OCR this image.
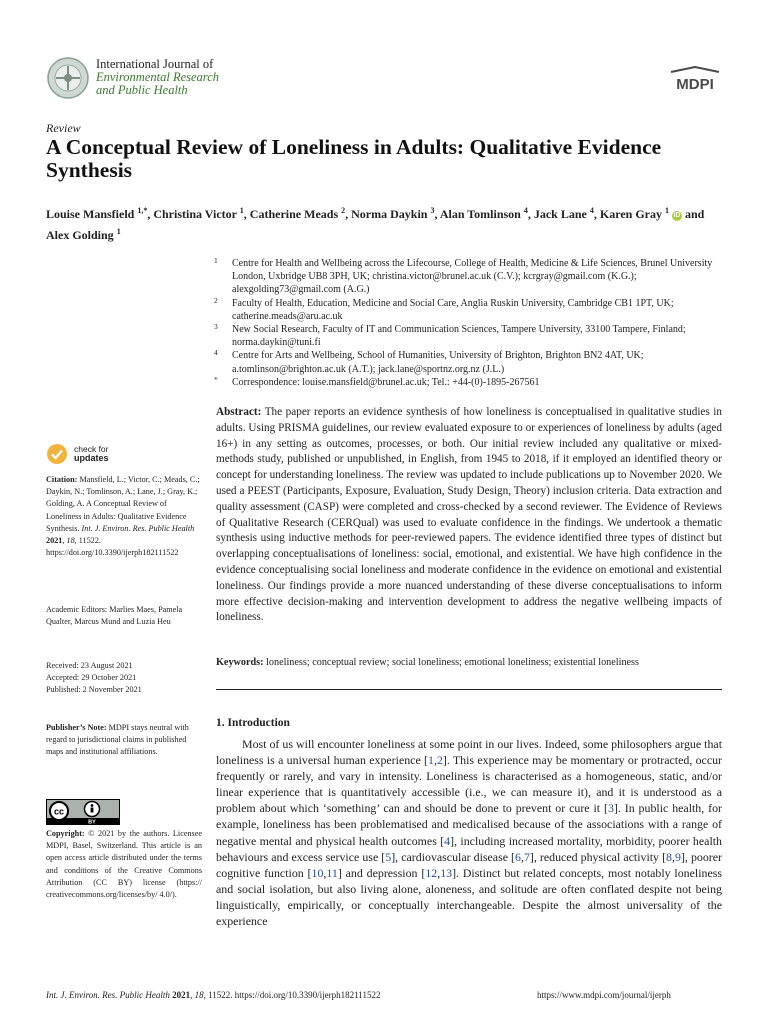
International Journal of
Environmental Research
and Public Health	MDPI
Review
A Conceptual Review of Loneliness in Adults: Qualitative Evidence Synthesis
Louise Mansfield $^{1,*}$, Christina Victor $^1$, Catherine Meads $^2$, Norma Daykin $^3$, Alan Tomlinson $^4$, Jack Lane $^4$, Karen Gray $^1$ iD and Alex Golding $^1$
1 Centre for Health and Wellbeing across the Lifecourse, College of Health, Medicine & Life Sciences, Brunel University London, Uxbridge UB8 3PH, UK; christina.victor@brunel.ac.uk (C.V.); kcrgray@gmail.com (K.G.); alexgolding73@gmail.com (A.G.)
2 Faculty of Health, Education, Medicine and Social Care, Anglia Ruskin University, Cambridge CB1 1PT, UK; catherine.meads@aru.ac.uk
3 New Social Research, Faculty of IT and Communication Sciences, Tampere University, 33100 Tampere, Finland; norma.daykin@tuni.fi
4 Centre for Arts and Wellbeing, School of Humanities, University of Brighton, Brighton BN2 4AT, UK; a.tomlinson@brighton.ac.uk (A.T.); jack.lane@sportnz.org.nz (J.L.)
* Correspondence: louise.mansfield@brunel.ac.uk; Tel.: +44-(0)-1895-267561
check for
updates
Citation: Mansfield, L.; Victor, C.; Meads, C.; Daykin, N.; Tomlinson, A.; Lane, J.; Gray, K.; Golding, A. A Conceptual Review of Loneliness in Adults: Qualitative Evidence Synthesis. Int. J. Environ. Res. Public Health 2021, 18, 11522. https://doi.org/10.3390/ijerph182111522
Academic Editors: Marlies Maes, Pamela Qualter, Marcus Mund and Luzia Heu
Received: 23 August 2021
Accepted: 29 October 2021
Published: 2 November 2021
Publisher’s Note: MDPI stays neutral with regard to jurisdictional claims in published maps and institutional affiliations.
cc
BY
Copyright: © 2021 by the authors. Licensee MDPI, Basel, Switzerland. This article is an open access article distributed under the terms and conditions of the Creative Commons Attribution (CC BY) license (https:// creativecommons.org/licenses/by/ 4.0/).
Abstract: The paper reports an evidence synthesis of how loneliness is conceptualised in qualitative studies in adults. Using PRISMA guidelines, our review evaluated exposure to or experiences of loneliness by adults (aged 16+) in any setting as outcomes, processes, or both. Our initial review included any qualitative or mixed-methods study, published or unpublished, in English, from 1945 to 2018, if it employed an identified theory or concept for understanding loneliness. The review was updated to include publications up to November 2020. We used a PEEST (Participants, Exposure, Evaluation, Study Design, Theory) inclusion criteria. Data extraction and quality assessment (CASP) were completed and cross-checked by a second reviewer. The Evidence of Reviews of Qualitative Research (CERQual) was used to evaluate confidence in the findings. We undertook a thematic synthesis using inductive methods for peer-reviewed papers. The evidence identified three types of distinct but overlapping conceptualisations of loneliness: social, emotional, and existential. We have high confidence in the evidence conceptualising social loneliness and moderate confidence in the evidence on emotional and existential loneliness. Our findings provide a more nuanced understanding of these diverse conceptualisations to inform more effective decision-making and intervention development to address the negative wellbeing impacts of loneliness.
Keywords: loneliness; conceptual review; social loneliness; emotional loneliness; existential loneliness
1. Introduction
Most of us will encounter loneliness at some point in our lives. Indeed, some philosophers argue that loneliness is a universal human experience [1,2]. This experience may be momentary or protracted, occur frequently or rarely, and vary in intensity. Loneliness is characterised as a homogeneous, static, and/or linear experience that is quantitatively accessible (i.e., we can measure it), and it is understood as a problem about which ‘something’ can and should be done to prevent or cure it [3]. In public health, for example, loneliness has been problematised and medicalised because of the associations with a range of negative mental and physical health outcomes [4], including increased mortality, morbidity, poorer health behaviours and excess service use [5], cardiovascular disease [6,7], reduced physical activity [8,9], poorer cognitive function [10,11] and depression [12,13]. Distinct but related concepts, most notably loneliness and social isolation, but also living alone, aloneness, and solitude are often conflated despite not being linguistically, empirically, or conceptually interchangeable. Despite the almost universality of the experience
Int. J. Environ. Res. Public Health 2021, 18, 11522. https://doi.org/10.3390/ijerph182111522	https://www.mdpi.com/journal/ijerph
